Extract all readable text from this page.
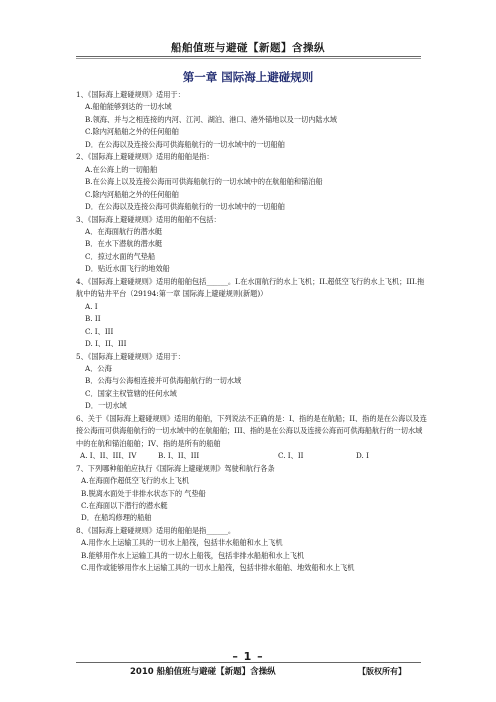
船舶值班与避碰【新题】含操纵
第一章 国际海上避碰规则

1、《国际海上避碰规则》适用于：

A.船舶能够到达的一切水域

B.领海、并与之相连接的内河、江河、湖泊、港口、港外锚地以及一切内陆水域

C.除内河船舶之外的任何船舶

D．在公海以及连接公海可供海船航行的一切水域中的一切船舶

2、《国际海上避碰规则》适用的船舶是指：

A.在公海上的一切船舶

B.在公海上以及连接公海而可供海船航行的一切水域中的在航船舶和锚泊船

C.除内河船舶之外的任何船舶

D．在公海以及连接公海可供海船航行的一切水域中的一切船舶

3、《国际海上避碰规则》适用的船舶不包括：

A．在海面航行的潜水艇

B．在水下潜航的潜水艇

C．掠过水面的气垫船

D．贴近水面飞行的地效船

4、《国际海上避碰规则》适用的船舶包括______。I.在水面航行的水上飞机；II.超低空飞行的水上飞机；III.拖航中的钻井平台（29194:第一章 国际海上避碰规则(新题)）

A. I

B. II

C. I、III

D. I、II、III

5、《国际海上避碰规则》适用于：

A．公海

B．公海与公海相连接并可供海船航行的一切水域

C．国家主权管辖的任何水域

D．一切水域

6、关于《国际海上避碰规则》适用的船舶，下列说法不正确的是：I、指的是在航船；II、指的是在公海以及连接公海而可供海船航行的一切水域中的在航船舶；III、指的是在公海以及连接公海而可供海船航行的一切水域中的在航和锚泊船舶；IV、指的是所有的船舶

A. I、II、III、IV	B. I、II、III	C. I、II	D. I

7、下列哪种船舶应执行《国际海上避碰规则》驾驶和航行各条

A.在海面作超低空飞行的水上飞机

B.脱离水面处于非排水状态下的 气垫船

C.在海面以下潜行的潜水艇

D．在船坞修理的船舶

8、《国际海上避碰规则》适用的船舶是指______。

A.用作水上运输工具的一切水上船筏，包括非水船舶和水上飞机

B.能够用作水上运输工具的一切水上船筏，包括非排水船舶和水上飞机

C.用作或能够用作水上运输工具的一切水上船筏，包括非排水船舶、地效船和水上飞机

– 1 –
2010 船舶值班与避碰【新题】含操纵	【版权所有】
